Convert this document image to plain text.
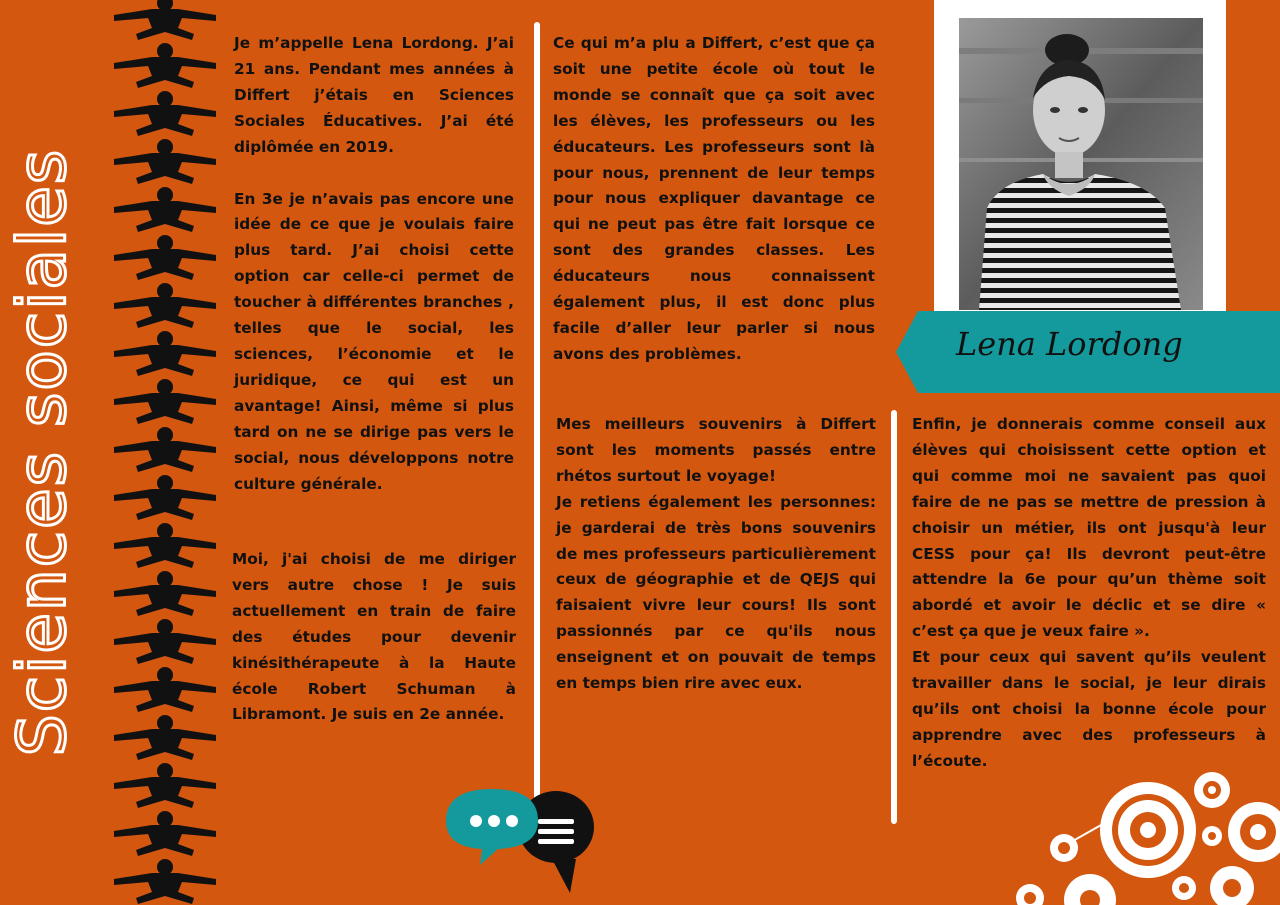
Sciences sociales

Je m’appelle Lena Lordong. J’ai 21 ans. Pendant mes années à Differt j’étais en Sciences Sociales Éducatives. J’ai été diplômée en 2019.

En 3e je n’avais pas encore une idée de ce que je voulais faire plus tard. J’ai choisi cette option car celle-ci permet de toucher à différentes branches , telles que le social, les sciences, l’économie et le juridique, ce qui est un avantage! Ainsi, même si plus tard on ne se dirige pas vers le social, nous développons notre culture générale.

Moi, j'ai choisi de me diriger vers autre chose ! Je suis actuellement en train de faire des études pour devenir kinésithérapeute à la Haute école Robert Schuman à Libramont. Je suis en 2e année.

Ce qui m’a plu a Differt, c’est que ça soit une petite école où tout le monde se connaît que ça soit avec les élèves, les professeurs ou les éducateurs. Les professeurs sont là pour nous, prennent de leur temps pour nous expliquer davantage ce qui ne peut pas être fait lorsque ce sont des grandes classes. Les éducateurs nous connaissent également plus, il est donc plus facile d’aller leur parler si nous avons des problèmes.

Mes meilleurs souvenirs à Differt sont les moments passés entre rhétos surtout le voyage!

Je retiens également les personnes: je garderai de très bons souvenirs de mes professeurs particulièrement ceux de géographie et de QEJS qui faisaient vivre leur cours! Ils sont passionnés par ce qu'ils nous enseignent et on pouvait de temps en temps bien rire avec eux.

Enfin, je donnerais comme conseil aux élèves qui choisissent cette option et qui comme moi ne savaient pas quoi faire de ne pas se mettre de pression à choisir un métier, ils ont jusqu'à leur CESS pour ça! Ils devront peut-être attendre la 6e pour qu’un thème soit abordé et avoir le déclic et se dire « c’est ça que je veux faire ».

Et pour ceux qui savent qu’ils veulent travailler dans le social, je leur dirais qu’ils ont choisi la bonne école pour apprendre avec des professeurs à l’écoute.

Lena Lordong
